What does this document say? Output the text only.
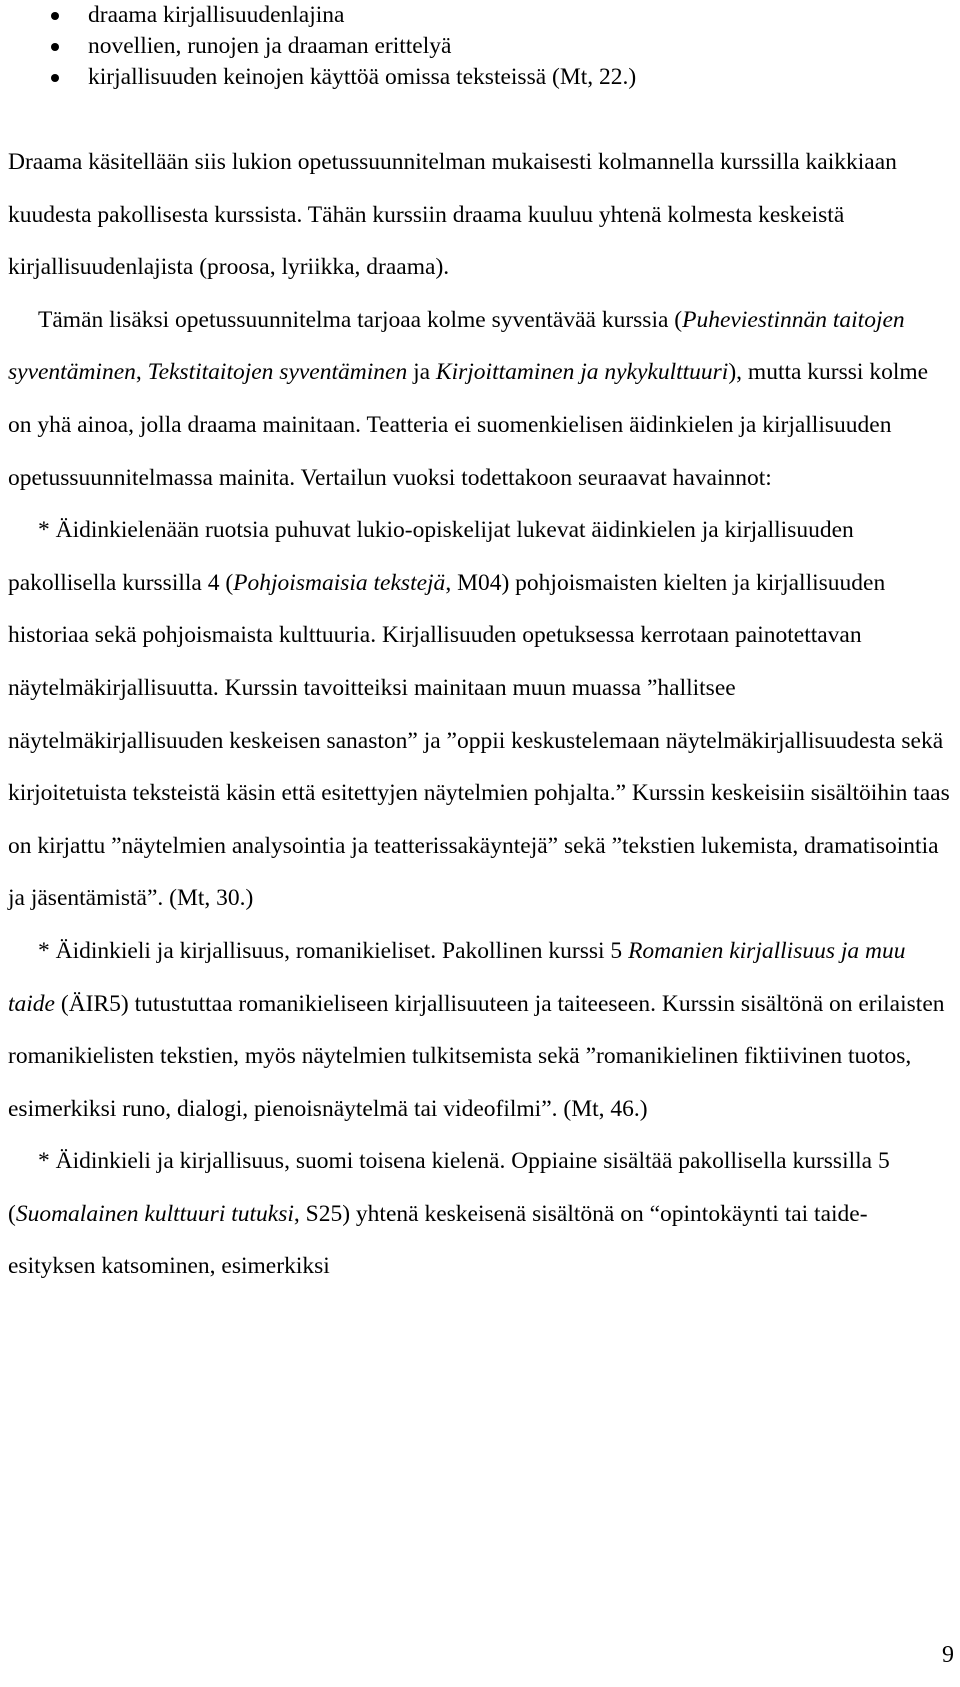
draama kirjallisuudenlajina
novellien, runojen ja draaman erittelyä
kirjallisuuden keinojen käyttöä omissa teksteissä (Mt, 22.)

Draama käsitellään siis lukion opetussuunnitelman mukaisesti kolmannella kurssilla kaikkiaan kuudesta pakollisesta kurssista. Tähän kurssiin draama kuuluu yhtenä kolmesta keskeistä kirjallisuudenlajista (proosa, lyriikka, draama).

Tämän lisäksi opetussuunnitelma tarjoaa kolme syventävää kurssia (Puheviestinnän taitojen syventäminen, Tekstitaitojen syventäminen ja Kirjoittaminen ja nykykulttuuri), mutta kurssi kolme on yhä ainoa, jolla draama mainitaan. Teatteria ei suomenkielisen äidinkielen ja kirjallisuuden opetussuunnitelmassa mainita. Vertailun vuoksi todettakoon seuraavat havainnot:

* Äidinkielenään ruotsia puhuvat lukio-opiskelijat lukevat äidinkielen ja kirjallisuuden pakollisella kurssilla 4 (Pohjoismaisia tekstejä, M04) pohjoismaisten kielten ja kirjallisuuden historiaa sekä pohjoismaista kulttuuria. Kirjallisuuden opetuksessa kerrotaan painotettavan näytelmäkirjallisuutta. Kurssin tavoitteiksi mainitaan muun muassa ”hallitsee näytelmäkirjallisuuden keskeisen sanaston” ja ”oppii keskustelemaan näytelmäkirjallisuudesta sekä kirjoitetuista teksteistä käsin että esitettyjen näytelmien pohjalta.” Kurssin keskeisiin sisältöihin taas on kirjattu ”näytelmien analysointia ja teatterissakäyntejä” sekä ”tekstien lukemista, dramatisointia ja jäsentämistä”. (Mt, 30.)

* Äidinkieli ja kirjallisuus, romanikieliset. Pakollinen kurssi 5 Romanien kirjallisuus ja muu taide (ÄIR5) tutustuttaa romanikieliseen kirjallisuuteen ja taiteeseen. Kurssin sisältönä on erilaisten romanikielisten tekstien, myös näytelmien tulkitsemista sekä ”romanikielinen fiktiivinen tuotos, esimerkiksi runo, dialogi, pienoisnäytelmä tai videofilmi”. (Mt, 46.)

* Äidinkieli ja kirjallisuus, suomi toisena kielenä. Oppiaine sisältää pakollisella kurssilla 5 (Suomalainen kulttuuri tutuksi, S25) yhtenä keskeisenä sisältönä on “opintokäynti tai taide-esityksen katsominen, esimerkiksi

9
